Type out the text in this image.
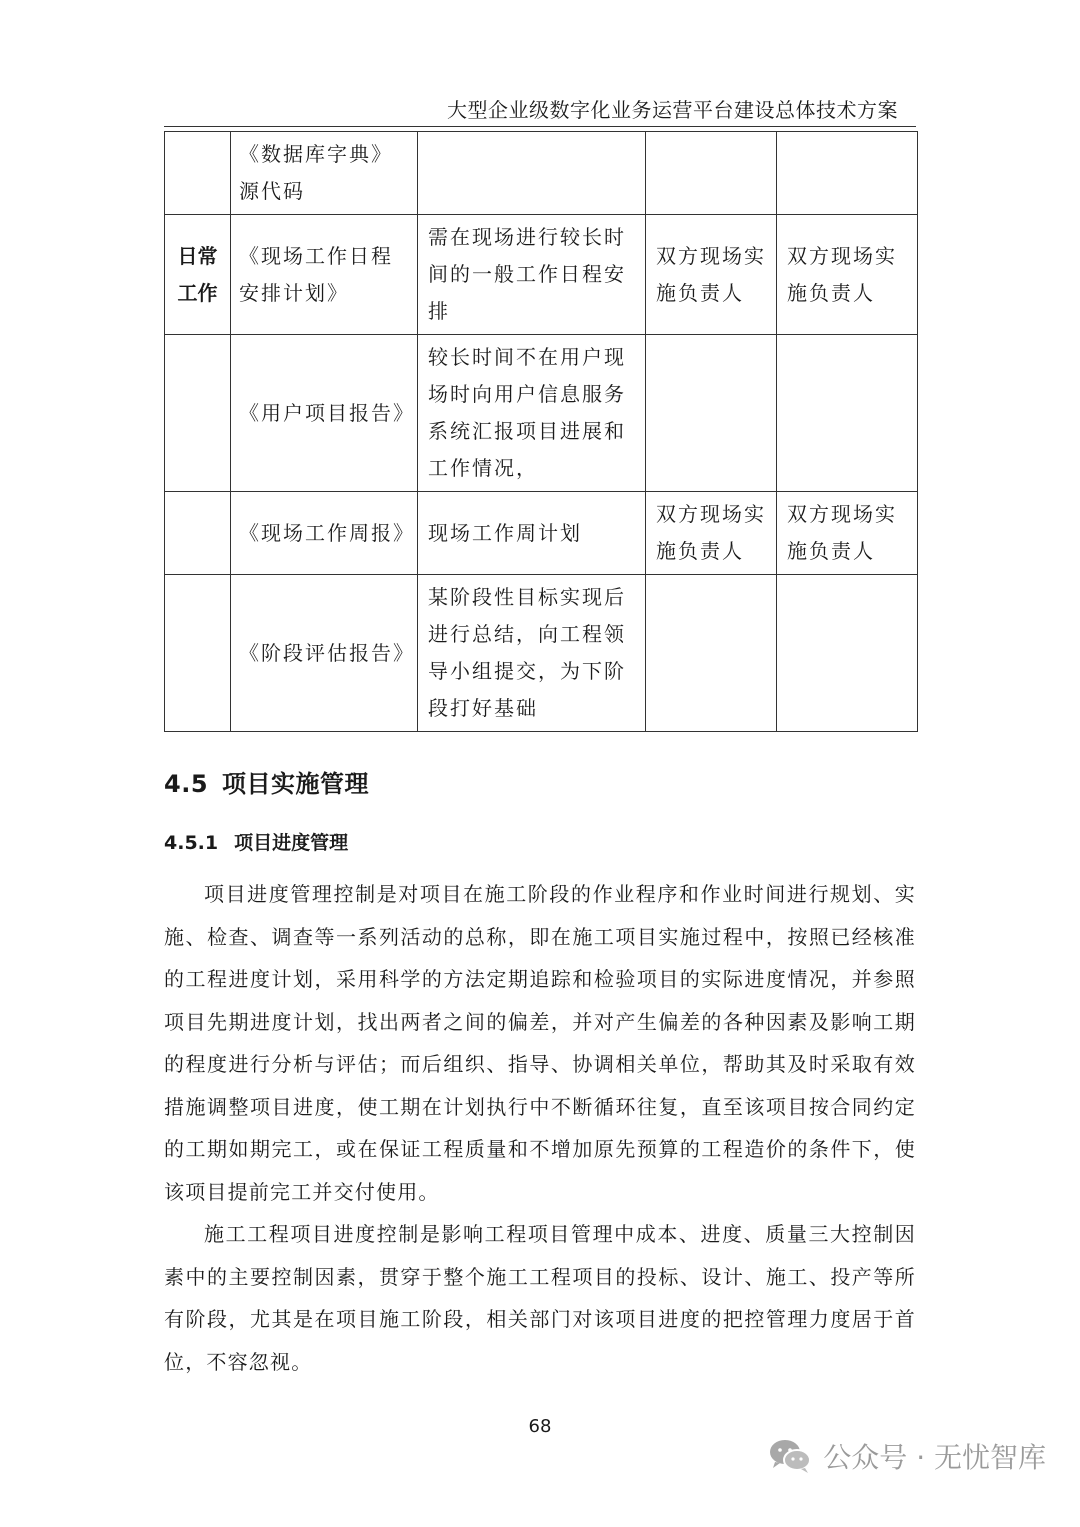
大型企业级数字化业务运营平台建设总体技术方案
	《数据库字典》源代码			
日常工作	《现场工作日程安排计划》	需在现场进行较长时间的一般工作日程安排	双方现场实施负责人	双方现场实施负责人
	《用户项目报告》	较长时间不在用户现场时向用户信息服务系统汇报项目进展和工作情况，		
	《现场工作周报》	现场工作周计划	双方现场实施负责人	双方现场实施负责人
	《阶段评估报告》	某阶段性目标实现后进行总结，向工程领导小组提交，为下阶段打好基础		
4.5 项目实施管理
4.5.1 项目进度管理

项目进度管理控制是对项目在施工阶段的作业程序和作业时间进行规划、实施、检查、调查等一系列活动的总称，即在施工项目实施过程中，按照已经核准的工程进度计划，采用科学的方法定期追踪和检验项目的实际进度情况，并参照项目先期进度计划，找出两者之间的偏差，并对产生偏差的各种因素及影响工期的程度进行分析与评估；而后组织、指导、协调相关单位，帮助其及时采取有效措施调整项目进度，使工期在计划执行中不断循环往复，直至该项目按合同约定的工期如期完工，或在保证工程质量和不增加原先预算的工程造价的条件下，使该项目提前完工并交付使用。

施工工程项目进度控制是影响工程项目管理中成本、进度、质量三大控制因素中的主要控制因素，贯穿于整个施工工程项目的投标、设计、施工、投产等所有阶段，尤其是在项目施工阶段，相关部门对该项目进度的把控管理力度居于首位，不容忽视。

68
公众号 · 无忧智库
